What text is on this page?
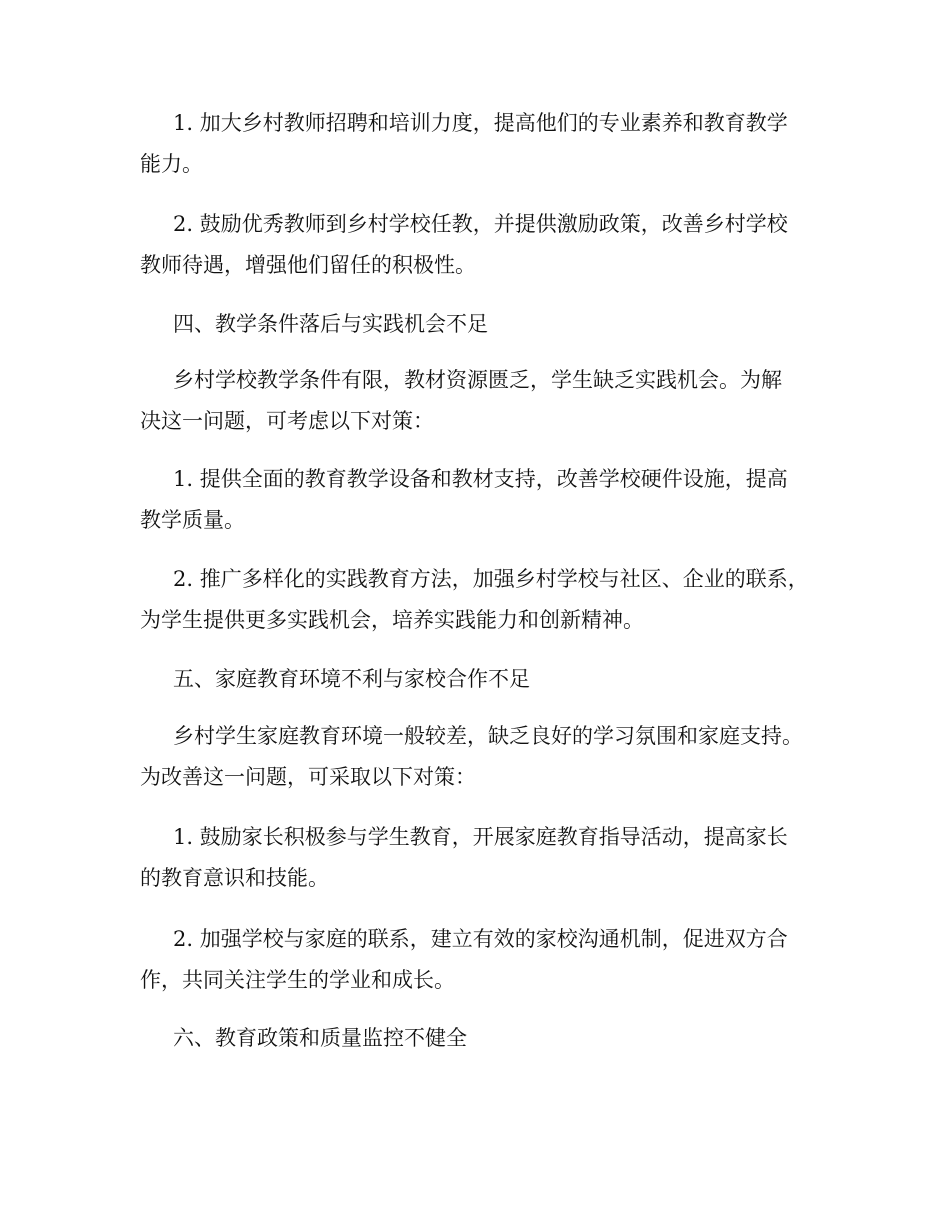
1. 加大乡村教师招聘和培训力度，提高他们的专业素养和教育教学
能力。
2. 鼓励优秀教师到乡村学校任教，并提供激励政策，改善乡村学校
教师待遇，增强他们留任的积极性。
四、教学条件落后与实践机会不足
乡村学校教学条件有限，教材资源匮乏，学生缺乏实践机会。为解
决这一问题，可考虑以下对策：
1. 提供全面的教育教学设备和教材支持，改善学校硬件设施，提高
教学质量。
2. 推广多样化的实践教育方法，加强乡村学校与社区、企业的联系，
为学生提供更多实践机会，培养实践能力和创新精神。
五、家庭教育环境不利与家校合作不足
乡村学生家庭教育环境一般较差，缺乏良好的学习氛围和家庭支持。
为改善这一问题，可采取以下对策：
1. 鼓励家长积极参与学生教育，开展家庭教育指导活动，提高家长
的教育意识和技能。
2. 加强学校与家庭的联系，建立有效的家校沟通机制，促进双方合
作，共同关注学生的学业和成长。
六、教育政策和质量监控不健全
